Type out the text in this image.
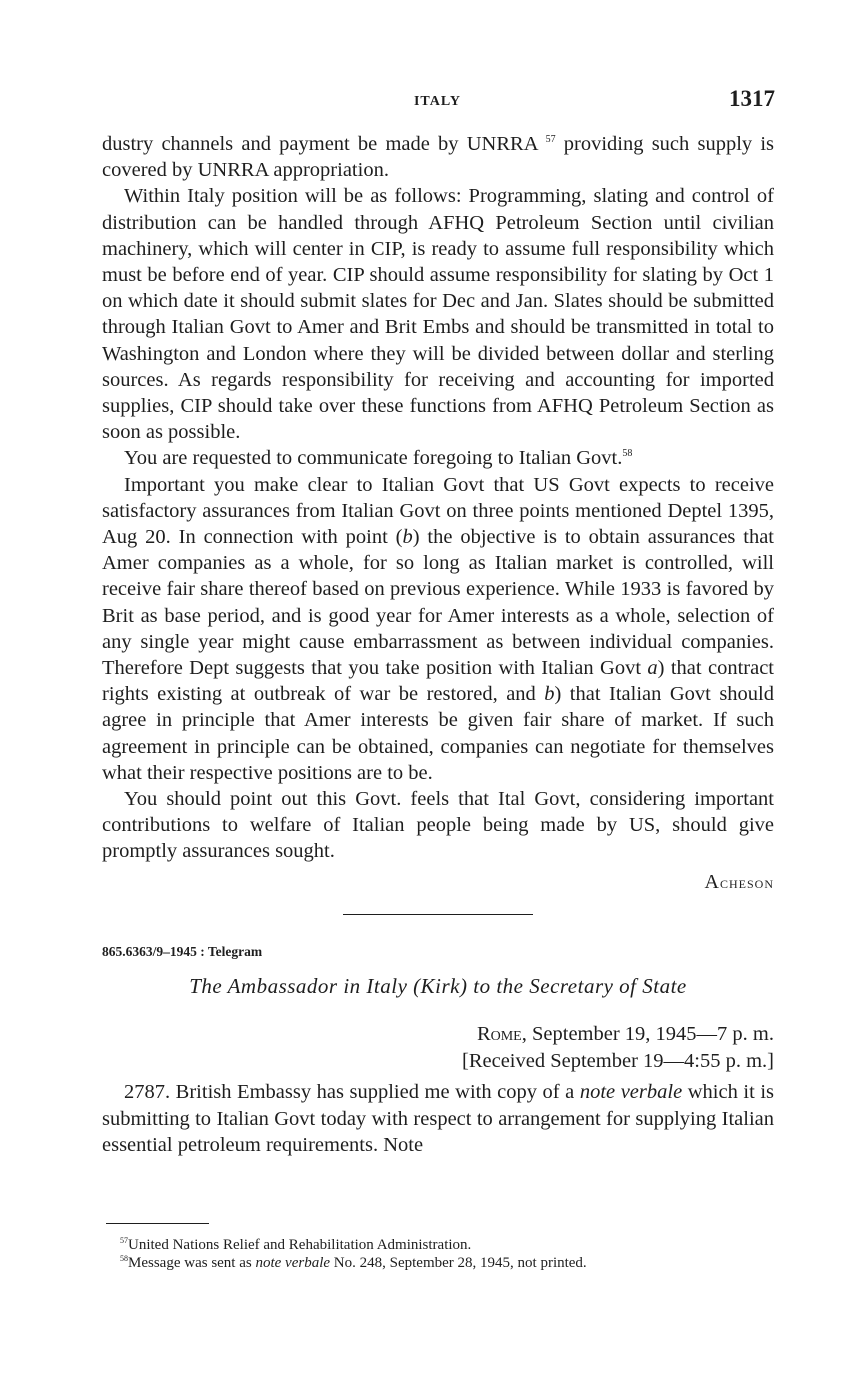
ITALY	1317

dustry channels and payment be made by UNRRA $^{57}$ providing such supply is covered by UNRRA appropriation.

Within Italy position will be as follows: Programming, slating and control of distribution can be handled through AFHQ Petroleum Section until civilian machinery, which will center in CIP, is ready to assume full responsibility which must be before end of year. CIP should assume responsibility for slating by Oct 1 on which date it should submit slates for Dec and Jan. Slates should be submitted through Italian Govt to Amer and Brit Embs and should be transmitted in total to Washington and London where they will be divided between dollar and sterling sources. As regards responsibility for receiving and accounting for imported supplies, CIP should take over these functions from AFHQ Petroleum Section as soon as possible.

You are requested to communicate foregoing to Italian Govt.$^{58}$

Important you make clear to Italian Govt that US Govt expects to receive satisfactory assurances from Italian Govt on three points mentioned Deptel 1395, Aug 20. In connection with point (b) the objective is to obtain assurances that Amer companies as a whole, for so long as Italian market is controlled, will receive fair share thereof based on previous experience. While 1933 is favored by Brit as base period, and is good year for Amer interests as a whole, selection of any single year might cause embarrassment as between individual companies. Therefore Dept suggests that you take position with Italian Govt a) that contract rights existing at outbreak of war be restored, and b) that Italian Govt should agree in principle that Amer interests be given fair share of market. If such agreement in principle can be obtained, companies can negotiate for themselves what their respective positions are to be.

You should point out this Govt. feels that Ital Govt, considering important contributions to welfare of Italian people being made by US, should give promptly assurances sought.

Acheson
865.6363/9–1945 : Telegram
The Ambassador in Italy (Kirk) to the Secretary of State
Rome, September 19, 1945—7 p. m.
[Received September 19—4:55 p. m.]

2787. British Embassy has supplied me with copy of a note verbale which it is submitting to Italian Govt today with respect to arrangement for supplying Italian essential petroleum requirements. Note

$^{57}$United Nations Relief and Rehabilitation Administration.

$^{58}$Message was sent as note verbale No. 248, September 28, 1945, not printed.
